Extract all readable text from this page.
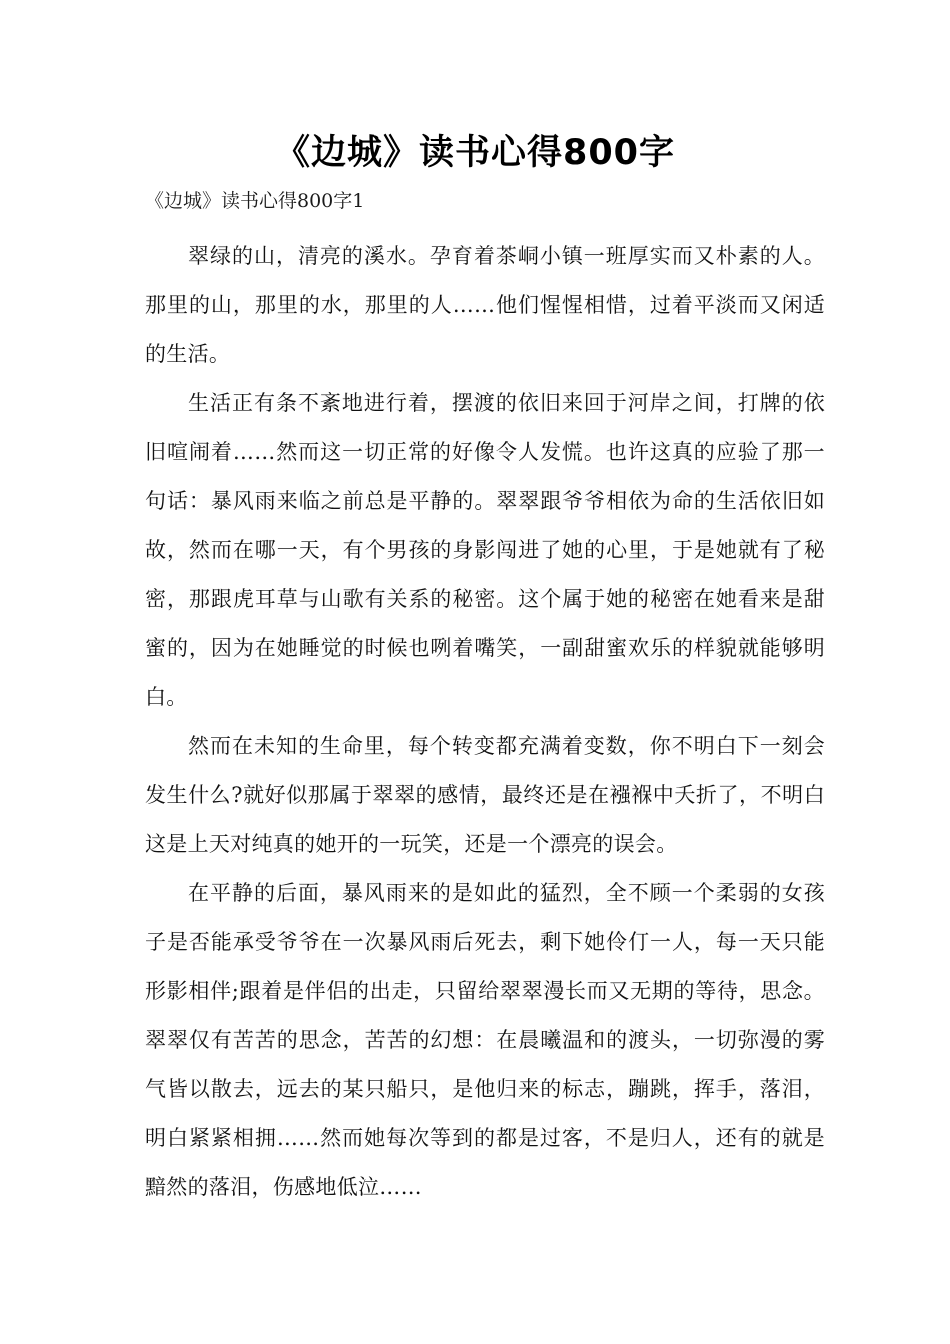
《边城》读书心得800字

《边城》读书心得800字1

翠绿的山，清亮的溪水。孕育着茶峒小镇一班厚实而又朴素的人。那里的山，那里的水，那里的人……他们惺惺相惜，过着平淡而又闲适的生活。

生活正有条不紊地进行着，摆渡的依旧来回于河岸之间，打牌的依旧喧闹着……然而这一切正常的好像令人发慌。也许这真的应验了那一句话：暴风雨来临之前总是平静的。翠翠跟爷爷相依为命的生活依旧如故，然而在哪一天，有个男孩的身影闯进了她的心里，于是她就有了秘密，那跟虎耳草与山歌有关系的秘密。这个属于她的秘密在她看来是甜蜜的，因为在她睡觉的时候也咧着嘴笑，一副甜蜜欢乐的样貌就能够明白。

然而在未知的生命里，每个转变都充满着变数，你不明白下一刻会发生什么?就好似那属于翠翠的感情，最终还是在襁褓中夭折了，不明白这是上天对纯真的她开的一玩笑，还是一个漂亮的误会。

在平静的后面，暴风雨来的是如此的猛烈，全不顾一个柔弱的女孩子是否能承受爷爷在一次暴风雨后死去，剩下她伶仃一人，每一天只能形影相伴;跟着是伴侣的出走，只留给翠翠漫长而又无期的等待，思念。翠翠仅有苦苦的思念，苦苦的幻想：在晨曦温和的渡头，一切弥漫的雾气皆以散去，远去的某只船只，是他归来的标志，蹦跳，挥手，落泪，明白紧紧相拥……然而她每次等到的都是过客，不是归人，还有的就是黯然的落泪，伤感地低泣……
